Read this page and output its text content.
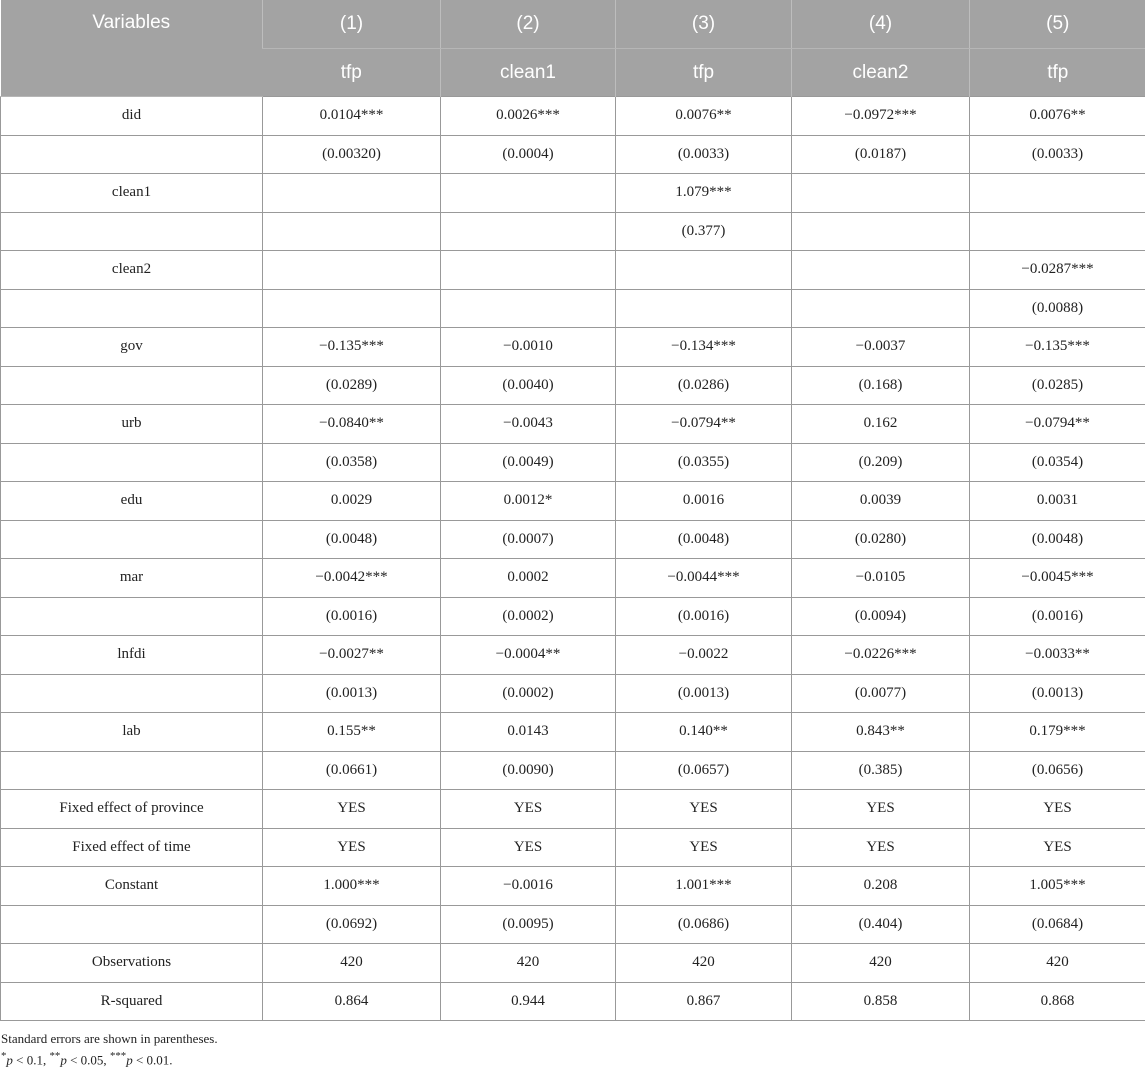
Variables	(1)	(2)	(3)	(4)	(5)
	tfp	clean1	tfp	clean2	tfp
did	0.0104***	0.0026***	0.0076**	−0.0972***	0.0076**
	(0.00320)	(0.0004)	(0.0033)	(0.0187)	(0.0033)
clean1			1.079***		
			(0.377)		
clean2					−0.0287***
					(0.0088)
gov	−0.135***	−0.0010	−0.134***	−0.0037	−0.135***
	(0.0289)	(0.0040)	(0.0286)	(0.168)	(0.0285)
urb	−0.0840**	−0.0043	−0.0794**	0.162	−0.0794**
	(0.0358)	(0.0049)	(0.0355)	(0.209)	(0.0354)
edu	0.0029	0.0012*	0.0016	0.0039	0.0031
	(0.0048)	(0.0007)	(0.0048)	(0.0280)	(0.0048)
mar	−0.0042***	0.0002	−0.0044***	−0.0105	−0.0045***
	(0.0016)	(0.0002)	(0.0016)	(0.0094)	(0.0016)
lnfdi	−0.0027**	−0.0004**	−0.0022	−0.0226***	−0.0033**
	(0.0013)	(0.0002)	(0.0013)	(0.0077)	(0.0013)
lab	0.155**	0.0143	0.140**	0.843**	0.179***
	(0.0661)	(0.0090)	(0.0657)	(0.385)	(0.0656)
Fixed effect of province	YES	YES	YES	YES	YES
Fixed effect of time	YES	YES	YES	YES	YES
Constant	1.000***	−0.0016	1.001***	0.208	1.005***
	(0.0692)	(0.0095)	(0.0686)	(0.404)	(0.0684)
Observations	420	420	420	420	420
R-squared	0.864	0.944	0.867	0.858	0.868
Standard errors are shown in parentheses.
*p < 0.1, **p < 0.05, ***p < 0.01.
